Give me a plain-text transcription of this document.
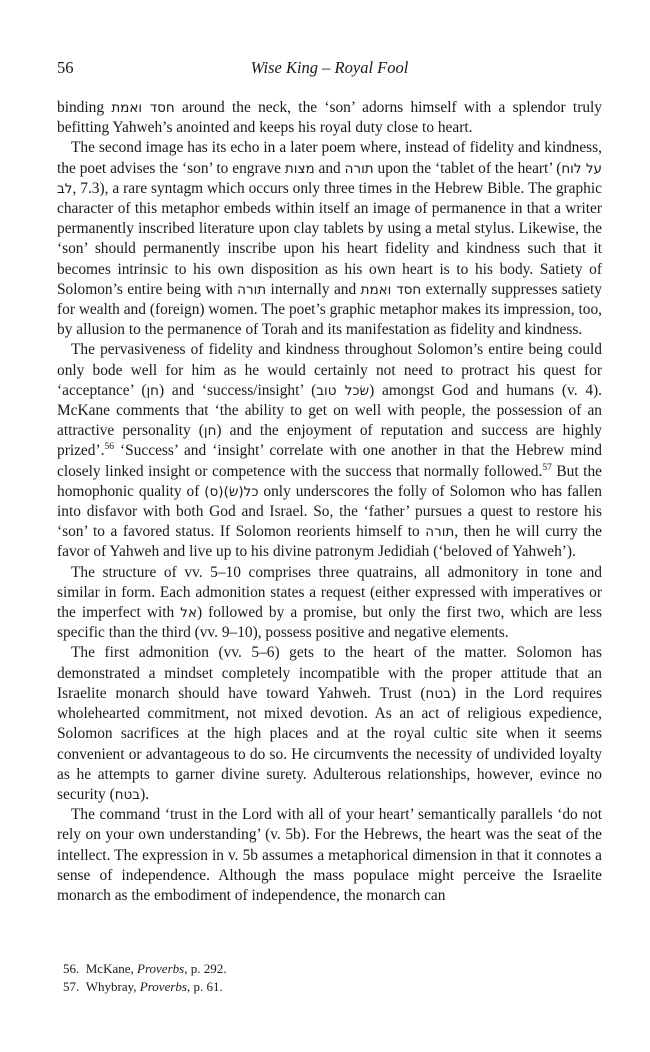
56	Wise King – Royal Fool

binding חסד ואמת around the neck, the ‘son’ adorns himself with a splendor truly befitting Yahweh’s anointed and keeps his royal duty close to heart.

The second image has its echo in a later poem where, instead of fidelity and kindness, the poet advises the ‘son’ to engrave מצות and תורה upon the ‘tablet of the heart’ (על לוח לב, 7.3), a rare syntagm which occurs only three times in the Hebrew Bible. The graphic character of this metaphor embeds within itself an image of permanence in that a writer permanently inscribed literature upon clay tablets by using a metal stylus. Likewise, the ‘son’ should permanently inscribe upon his heart fidelity and kindness such that it becomes intrinsic to his own disposition as his own heart is to his body. Satiety of Solomon’s entire being with תורה internally and חסד ואמת externally suppresses satiety for wealth and (foreign) women. The poet’s graphic metaphor makes its impression, too, by allusion to the permanence of Torah and its manifestation as fidelity and kindness.

The pervasiveness of fidelity and kindness throughout Solomon’s entire being could only bode well for him as he would certainly not need to protract his quest for ‘acceptance’ (חן) and ‘success/insight’ (שׂכל טוב) amongst God and humans (v. 4). McKane comments that ‘the ability to get on well with people, the possession of an attractive personality (חן) and the enjoyment of reputation and success are highly prized’.$^{56}$ ‘Success’ and ‘insight’ correlate with one another in that the Hebrew mind closely linked insight or competence with the success that normally followed.$^{57}$ But the homophonic quality of כל(שׂ)(ס) only underscores the folly of Solomon who has fallen into disfavor with both God and Israel. So, the ‘father’ pursues a quest to restore his ‘son’ to a favored status. If Solomon reorients himself to תורה, then he will curry the favor of Yahweh and live up to his divine patronym Jedidiah (‘beloved of Yahweh’).

The structure of vv. 5–10 comprises three quatrains, all admonitory in tone and similar in form. Each admonition states a request (either expressed with imperatives or the imperfect with אל) followed by a promise, but only the first two, which are less specific than the third (vv. 9–10), possess positive and negative elements.

The first admonition (vv. 5–6) gets to the heart of the matter. Solomon has demonstrated a mindset completely incompatible with the proper attitude that an Israelite monarch should have toward Yahweh. Trust (בטח) in the Lord requires wholehearted commitment, not mixed devotion. As an act of religious expedience, Solomon sacrifices at the high places and at the royal cultic site when it seems convenient or advantageous to do so. He circumvents the necessity of undivided loyalty as he attempts to garner divine surety. Adulterous relationships, however, evince no security (בטח).

The command ‘trust in the Lord with all of your heart’ semantically parallels ‘do not rely on your own understanding’ (v. 5b). For the Hebrews, the heart was the seat of the intellect. The expression in v. 5b assumes a metaphorical dimension in that it connotes a sense of independence. Although the mass populace might perceive the Israelite monarch as the embodiment of independence, the monarch can

56.  McKane, Proverbs, p. 292.
57.  Whybray, Proverbs, p. 61.
